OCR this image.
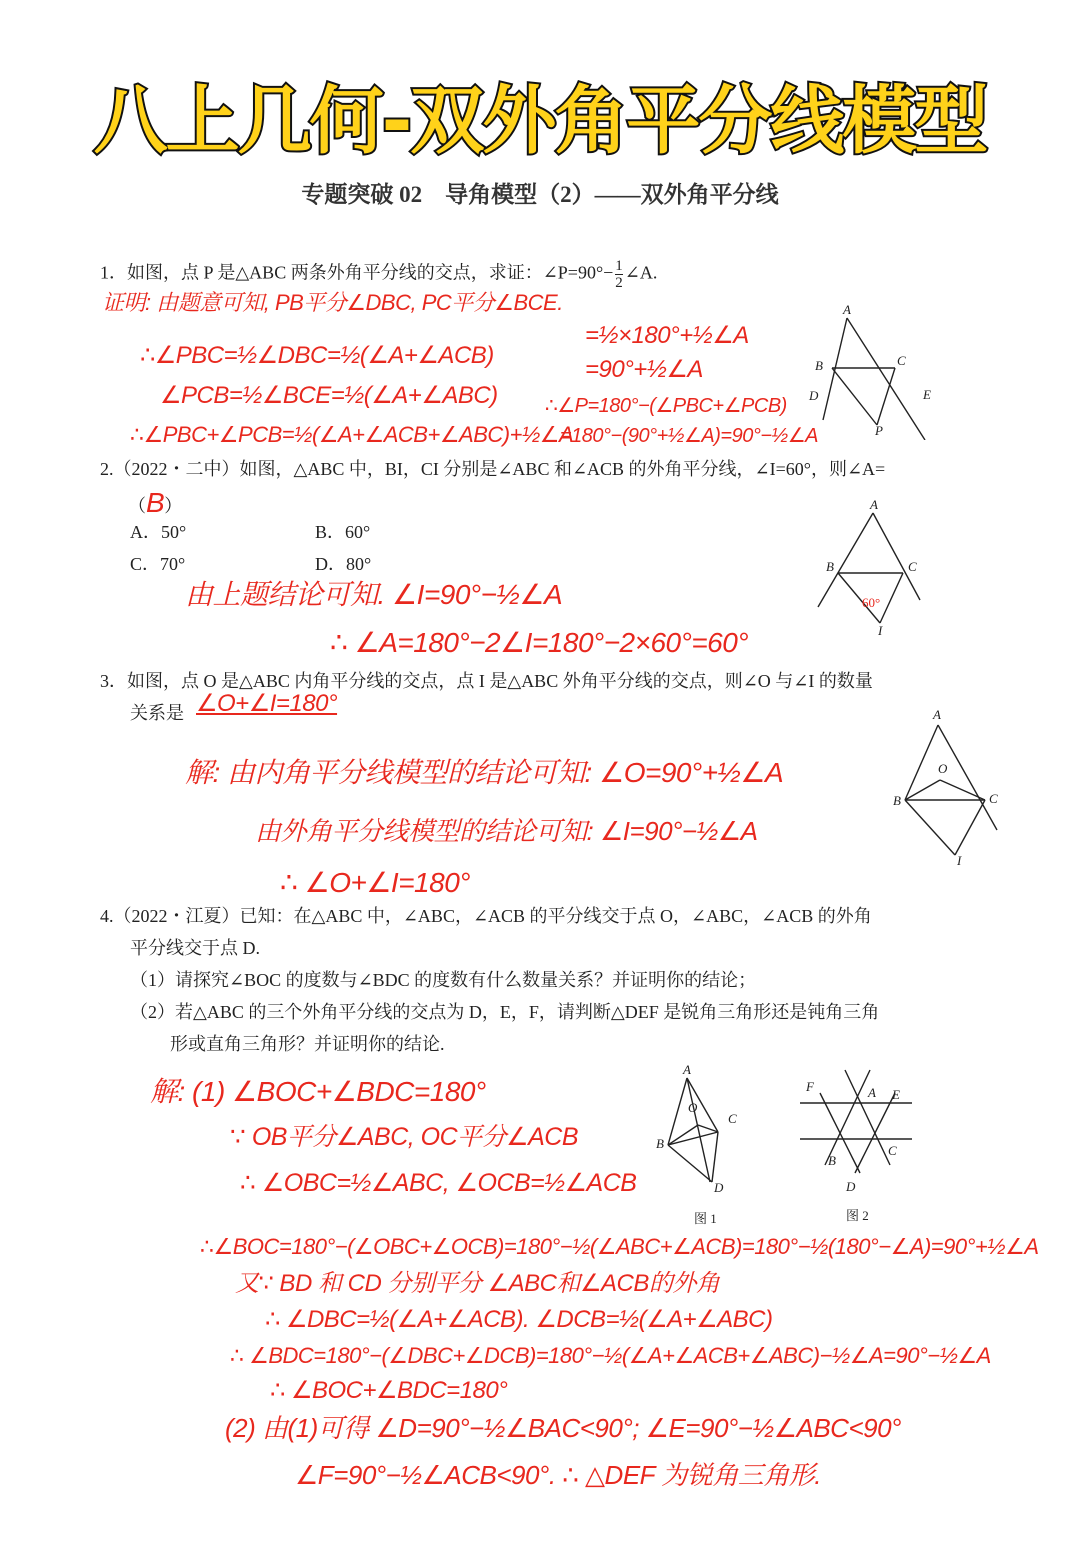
八上几何-双外角平分线模型
专题突破 02　导角模型（2）——双外角平分线
1．如图，点 P 是△ABC 两条外角平分线的交点，求证：∠P=90°− $\frac{1}{2}$ ∠A.
证明: 由题意可知, PB平分∠DBC, PC平分∠BCE.
∴∠PBC=½∠DBC=½(∠A+∠ACB)
∠PCB=½∠BCE=½(∠A+∠ABC)
∴∠PBC+∠PCB=½(∠A+∠ACB+∠ABC)+½∠A
=½×180°+½∠A
=90°+½∠A
∴∠P=180°−(∠PBC+∠PCB)
=180°−(90°+½∠A)=90°−½∠A
A
B	C
D	E
P
2.（2022・二中）如图，△ABC 中，BI，CI 分别是∠ABC 和∠ACB 的外角平分线，∠I=60°，则∠A=
（B）
A．50°	B．60°
C．70°	D．80°
由上题结论可知. ∠I=90°−½∠A
∴ ∠A=180°−2∠I=180°−2×60°=60°
A
B	C
I
60°
3．如图，点 O 是△ABC 内角平分线的交点，点 I 是△ABC 外角平分线的交点，则∠O 与∠I 的数量
关系是 ∠O+∠I=180°
解: 由内角平分线模型的结论可知: ∠O=90°+½∠A
由外角平分线模型的结论可知: ∠I=90°−½∠A
∴ ∠O+∠I=180°
A
O
B	C
I
4.（2022・江夏）已知：在△ABC 中，∠ABC，∠ACB 的平分线交于点 O，∠ABC，∠ACB 的外角
平分线交于点 D.
（1）请探究∠BOC 的度数与∠BDC 的度数有什么数量关系？并证明你的结论；
（2）若△ABC 的三个外角平分线的交点为 D，E，F，请判断△DEF 是锐角三角形还是钝角三角
形或直角三角形？并证明你的结论.
解: (1) ∠BOC+∠BDC=180°
∵ OB平分∠ABC, OC平分∠ACB
∴ ∠OBC=½∠ABC, ∠OCB=½∠ACB
∴∠BOC=180°−(∠OBC+∠OCB)=180°−½(∠ABC+∠ACB)=180°−½(180°−∠A)=90°+½∠A
又∵ BD 和 CD 分别平分 ∠ABC和∠ACB的外角
∴ ∠DBC=½(∠A+∠ACB). ∠DCB=½(∠A+∠ABC)
∴ ∠BDC=180°−(∠DBC+∠DCB)=180°−½(∠A+∠ACB+∠ABC)−½∠A=90°−½∠A
∴ ∠BOC+∠BDC=180°
(2) 由(1)可得 ∠D=90°−½∠BAC<90°; ∠E=90°−½∠ABC<90°
∠F=90°−½∠ACB<90°. ∴ △DEF 为锐角三角形.
A
O
C
B
D
图 1
F	A E
B
C
D
图 2
